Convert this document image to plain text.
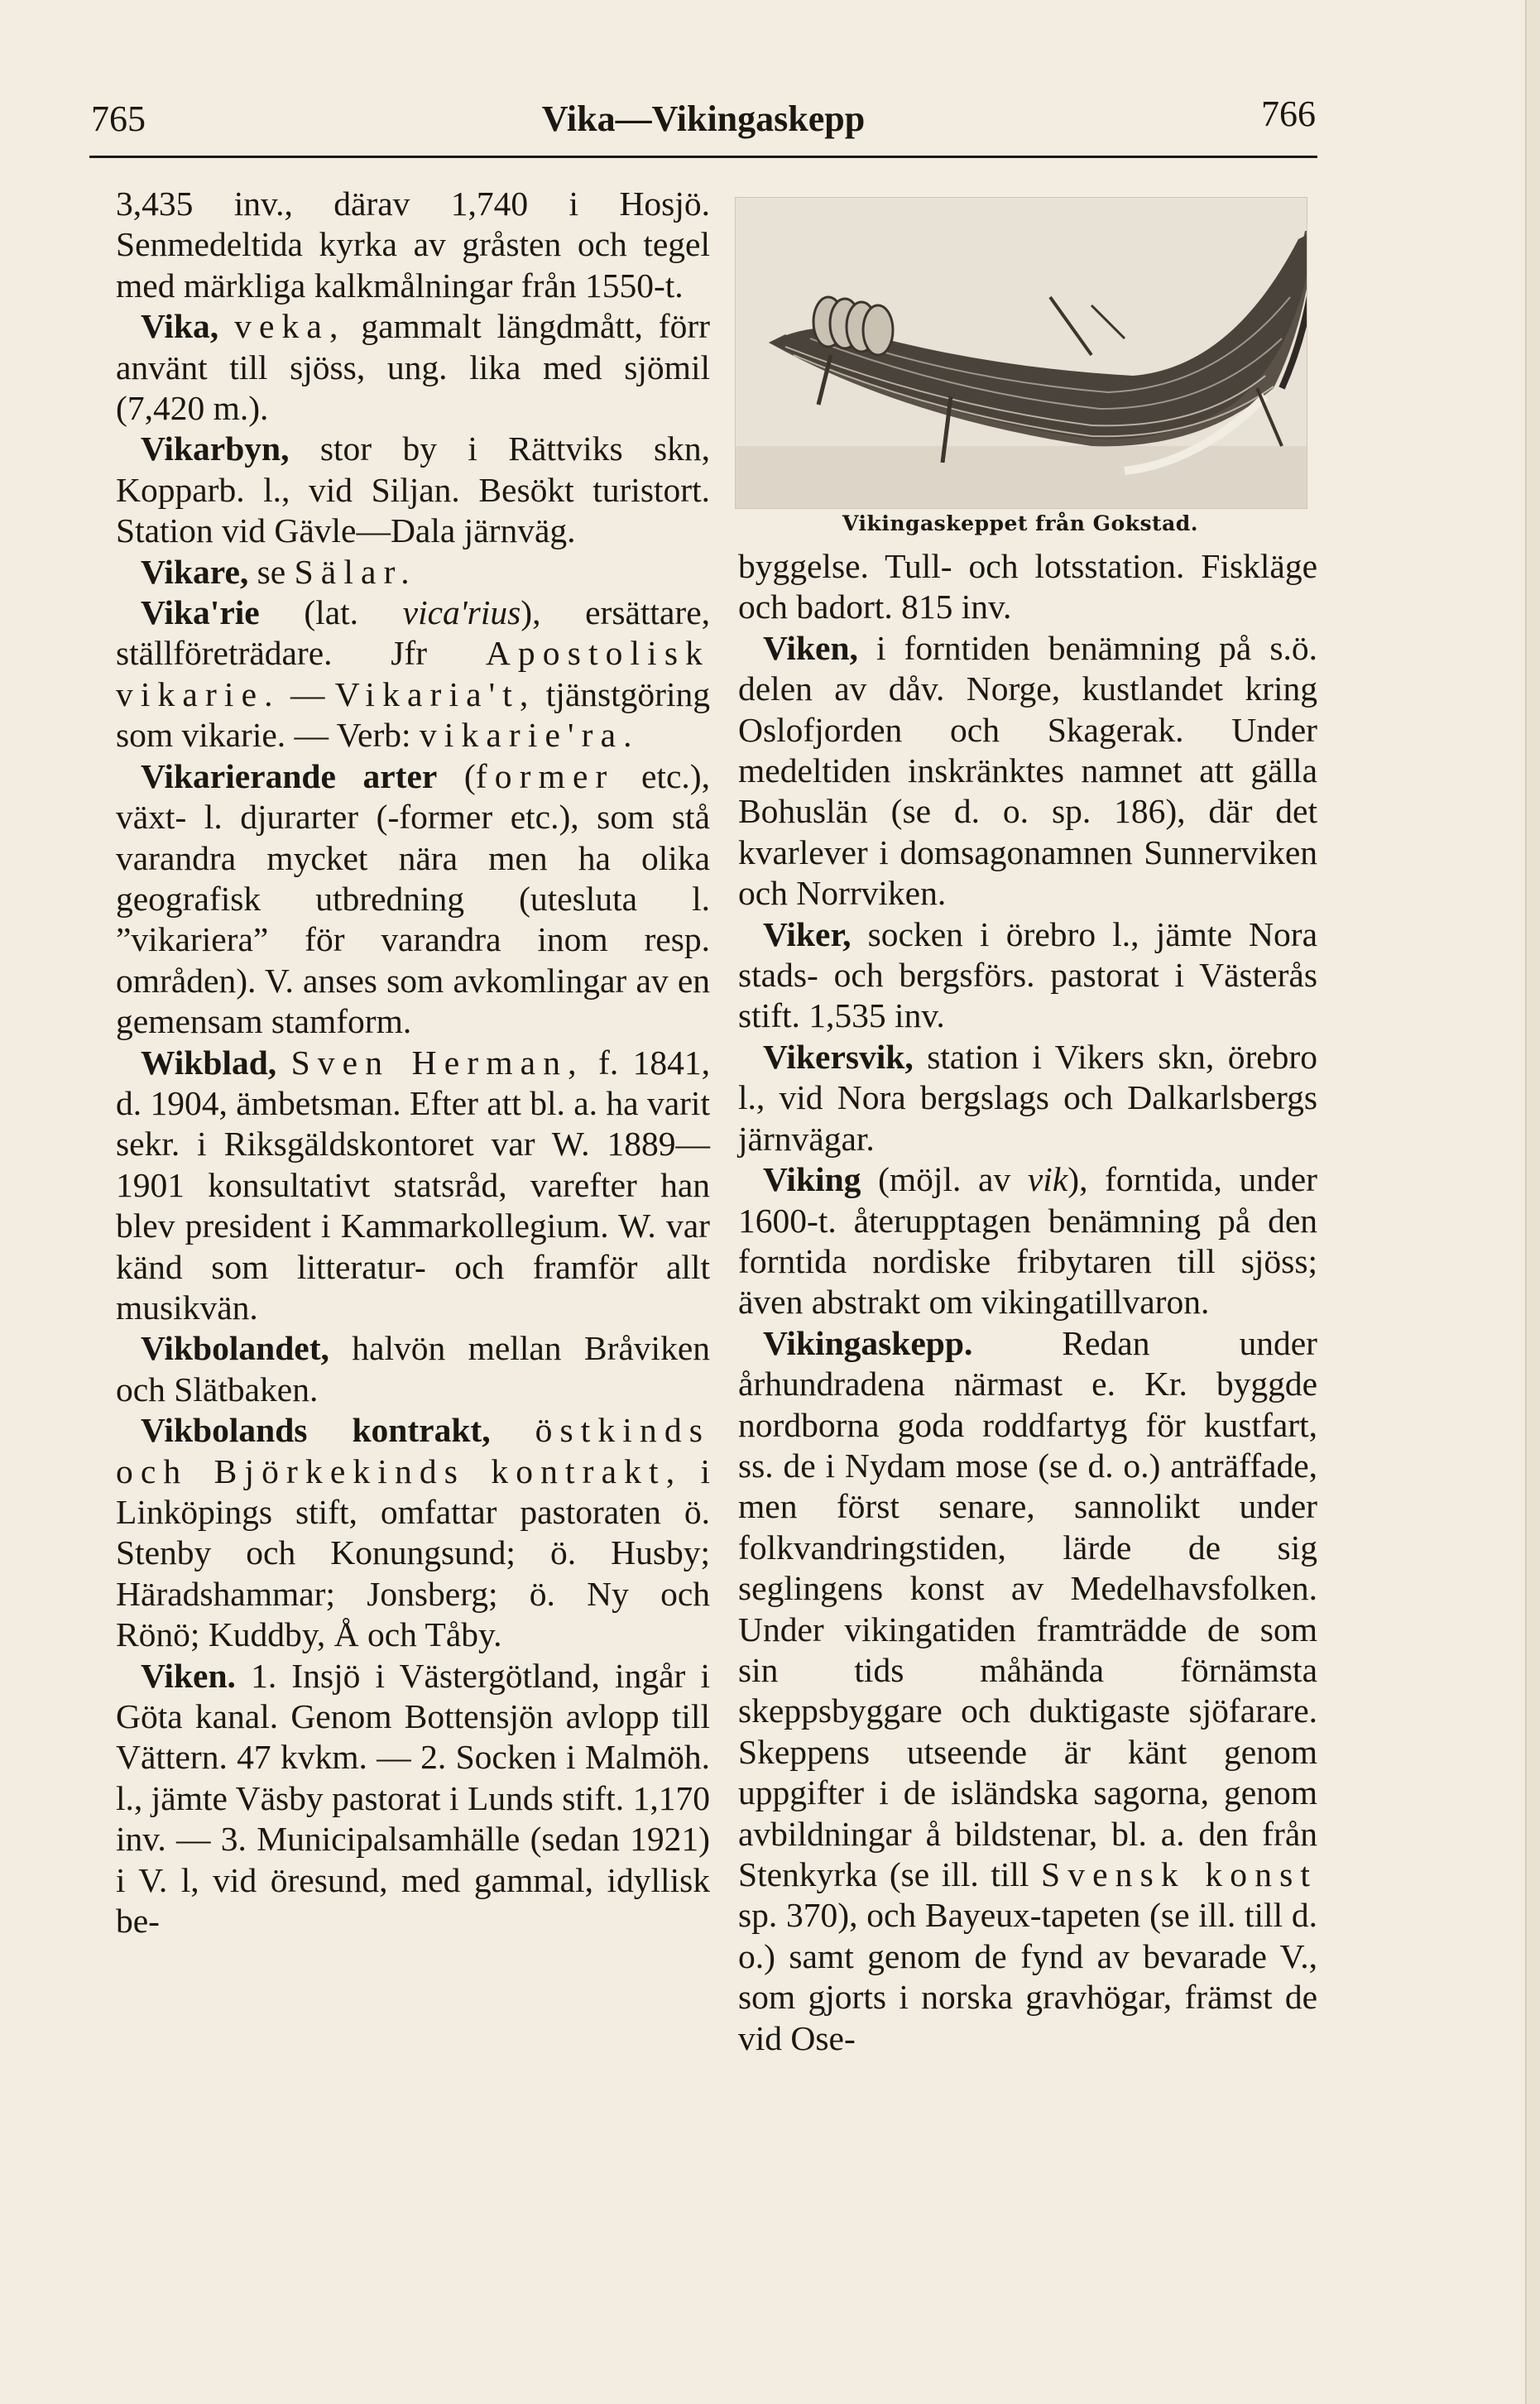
765	Vika—Vikingaskepp	766

3,435 inv., därav 1,740 i Hosjö. Senmedeltida kyrka av gråsten och tegel med märkliga kalkmålningar från 1550-t.

Vika, veka, gammalt längdmått, förr använt till sjöss, ung. lika med sjömil (7,420 m.).

Vikarbyn, stor by i Rättviks skn, Kopparb. l., vid Siljan. Besökt turistort. Station vid Gävle—Dala järnväg.

Vikare, se Sälar.

Vika'rie (lat. vica'rius), ersättare, ställföreträdare. Jfr Apostolisk vikarie. — Vikaria't, tjänstgöring som vikarie. — Verb: vikarie'ra.

Vikarierande arter (former etc.), växt- l. djurarter (-former etc.), som stå varandra mycket nära men ha olika geografisk utbredning (utesluta l. ”vikariera” för varandra inom resp. områden). V. anses som avkomlingar av en gemensam stamform.

Wikblad, Sven Herman, f. 1841, d. 1904, ämbetsman. Efter att bl. a. ha varit sekr. i Riksgäldskontoret var W. 1889—1901 konsultativt statsråd, varefter han blev president i Kammarkollegium. W. var känd som litteratur- och framför allt musikvän.

Vikbolandet, halvön mellan Bråviken och Slätbaken.

Vikbolands kontrakt, östkinds och Björkekinds kontrakt, i Linköpings stift, omfattar pastoraten ö. Stenby och Konungsund; ö. Husby; Häradshammar; Jonsberg; ö. Ny och Rönö; Kuddby, Å och Tåby.

Viken. 1. Insjö i Västergötland, ingår i Göta kanal. Genom Bottensjön avlopp till Vättern. 47 kvkm. — 2. Socken i Malmöh. l., jämte Väsby pastorat i Lunds stift. 1,170 inv. — 3. Municipalsamhälle (sedan 1921) i V. l, vid öresund, med gammal, idyllisk be-

Vikingaskeppet från Gokstad.

byggelse. Tull- och lotsstation. Fiskläge och badort. 815 inv.

Viken, i forntiden benämning på s.ö. delen av dåv. Norge, kustlandet kring Oslofjorden och Skagerak. Under medeltiden inskränktes namnet att gälla Bohuslän (se d. o. sp. 186), där det kvarlever i domsagonamnen Sunnerviken och Norrviken.

Viker, socken i örebro l., jämte Nora stads- och bergsförs. pastorat i Västerås stift. 1,535 inv.

Vikersvik, station i Vikers skn, örebro l., vid Nora bergslags och Dalkarlsbergs järnvägar.

Viking (möjl. av vik), forntida, under 1600-t. återupptagen benämning på den forntida nordiske fribytaren till sjöss; även abstrakt om vikingatillvaron.

Vikingaskepp.	Redan under århundradena närmast e. Kr. byggde nordborna goda roddfartyg för kustfart, ss. de i Nydam mose (se d. o.) anträffade, men först senare, sannolikt under folkvandringstiden, lärde de sig seglingens konst av Medelhavsfolken. Under vikingatiden framträdde de som sin tids måhända förnämsta skeppsbyggare och duktigaste sjöfarare. Skeppens utseende är känt genom uppgifter i de isländska sagorna, genom avbildningar å bildstenar, bl. a. den från Stenkyrka (se ill. till Svensk konst sp. 370), och Bayeux-tapeten (se ill. till d. o.) samt genom de fynd av bevarade V., som gjorts i norska gravhögar, främst de vid Ose-
